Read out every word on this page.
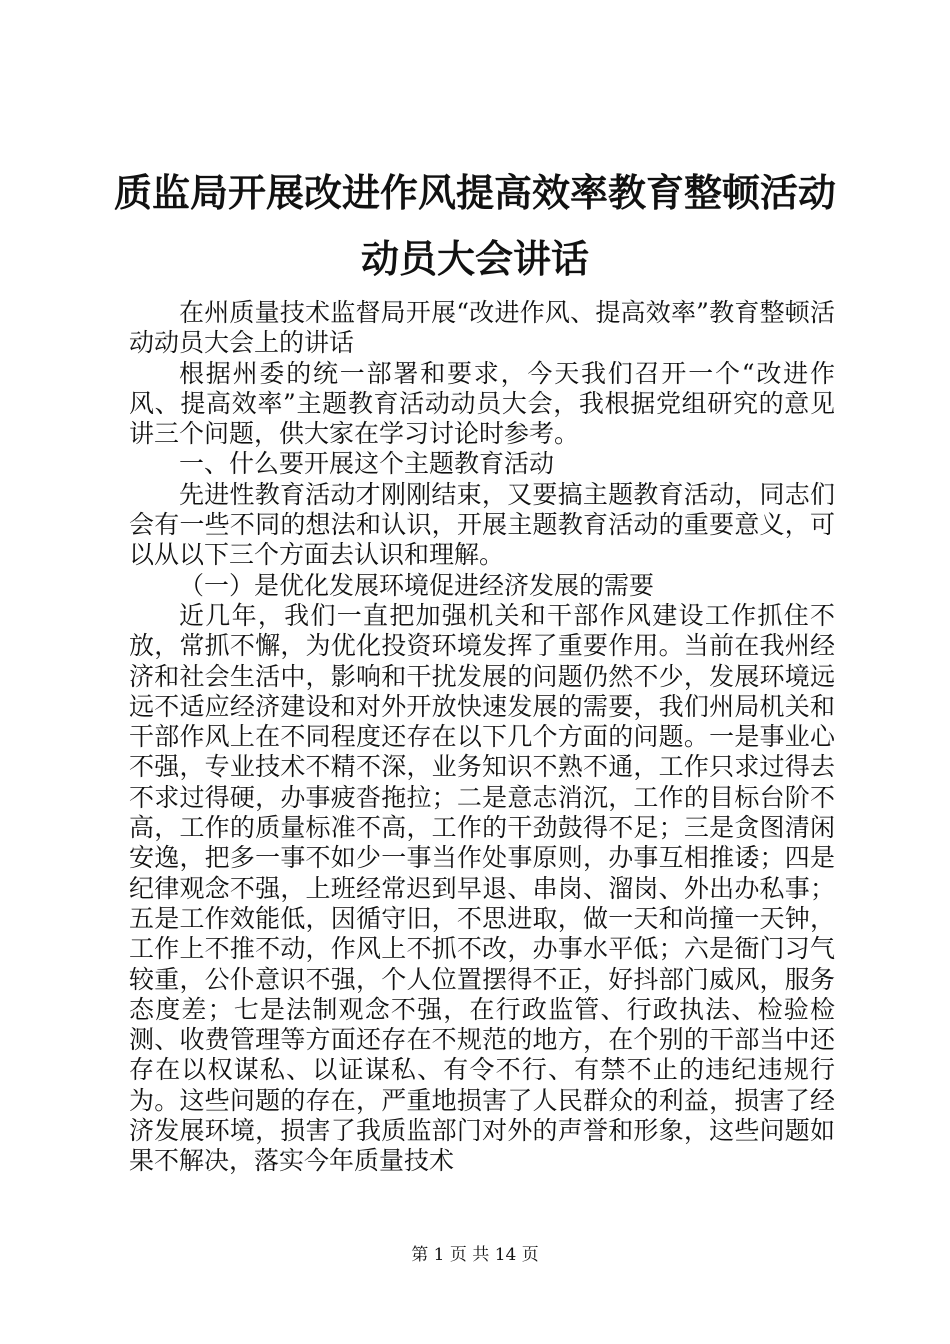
质监局开展改进作风提高效率教育整顿活动动员大会讲话

在州质量技术监督局开展“改进作风、提高效率”教育整顿活动动员大会上的讲话

根据州委的统一部署和要求，今天我们召开一个“改进作风、提高效率”主题教育活动动员大会，我根据党组研究的意见讲三个问题，供大家在学习讨论时参考。

一、什么要开展这个主题教育活动

先进性教育活动才刚刚结束，又要搞主题教育活动，同志们会有一些不同的想法和认识，开展主题教育活动的重要意义，可以从以下三个方面去认识和理解。

（一）是优化发展环境促进经济发展的需要

近几年，我们一直把加强机关和干部作风建设工作抓住不放，常抓不懈，为优化投资环境发挥了重要作用。当前在我州经济和社会生活中，影响和干扰发展的问题仍然不少，发展环境远远不适应经济建设和对外开放快速发展的需要，我们州局机关和干部作风上在不同程度还存在以下几个方面的问题。一是事业心不强，专业技术不精不深，业务知识不熟不通，工作只求过得去不求过得硬，办事疲沓拖拉；二是意志消沉，工作的目标台阶不高，工作的质量标准不高，工作的干劲鼓得不足；三是贪图清闲安逸，把多一事不如少一事当作处事原则，办事互相推诿；四是纪律观念不强，上班经常迟到早退、串岗、溜岗、外出办私事；五是工作效能低，因循守旧，不思进取，做一天和尚撞一天钟，工作上不推不动，作风上不抓不改，办事水平低；六是衙门习气较重，公仆意识不强，个人位置摆得不正，好抖部门威风，服务态度差；七是法制观念不强，在行政监管、行政执法、检验检测、收费管理等方面还存在不规范的地方，在个别的干部当中还存在以权谋私、以证谋私、有令不行、有禁不止的违纪违规行为。这些问题的存在，严重地损害了人民群众的利益，损害了经济发展环境，损害了我质监部门对外的声誉和形象，这些问题如果不解决，落实今年质量技术

第 1 页 共 14 页
